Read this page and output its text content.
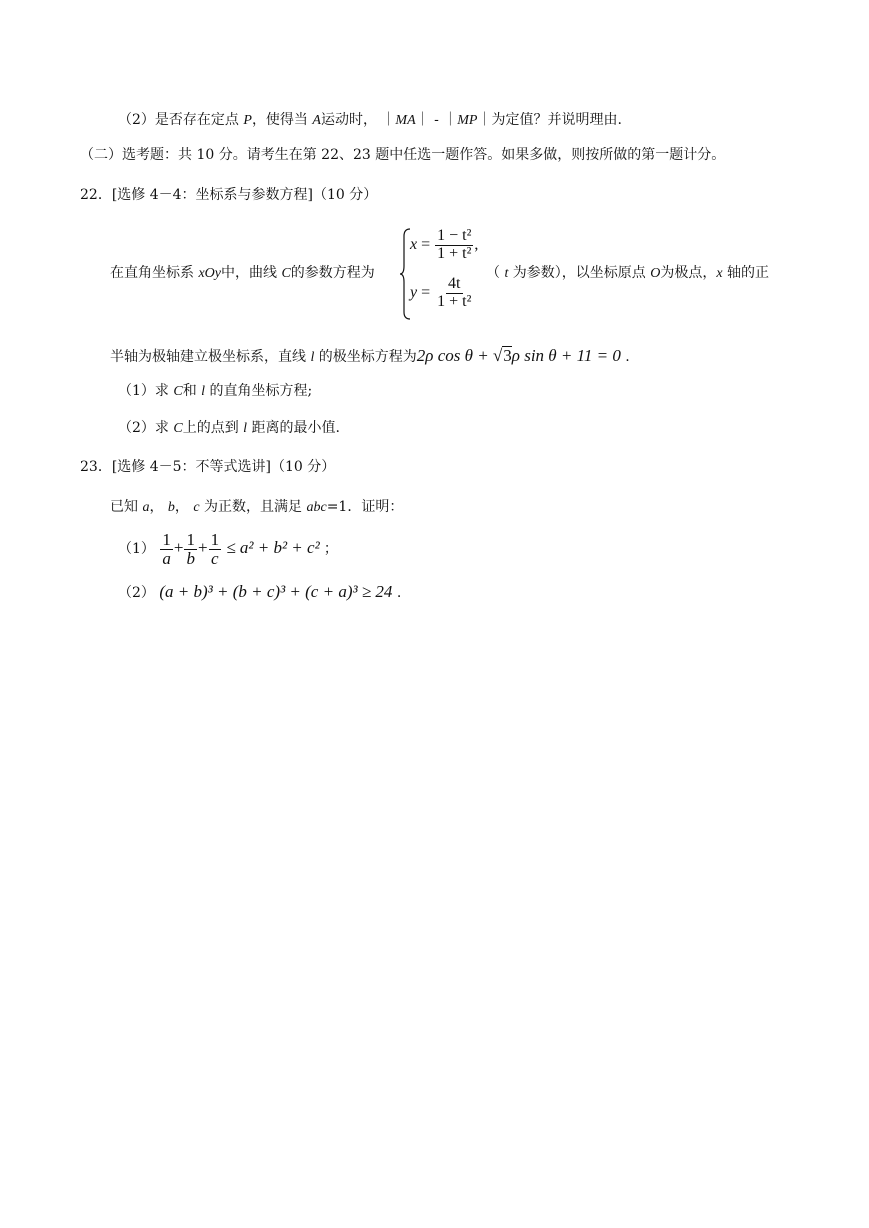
（2）是否存在定点 P，使得当 A运动时， ｜MA｜ - ｜MP｜为定值？并说明理由.
（二）选考题：共 10 分。请考生在第 22、23 题中任选一题作答。如果多做，则按所做的第一题计分。
22．[选修 4－4：坐标系与参数方程]（10 分）
在直角坐标系 xOy中，曲线 C的参数方程为
$x = \frac{\text{1 − t²}}{\text{1 + t²}}$ ,
$y = \frac{4t}{\text{1 + t²}}$
（ t 为参数），以坐标原点 O为极点，x 轴的正
半轴为极轴建立极坐标系，直线 l 的极坐标方程为2ρ cos θ + √3ρ sin θ + 11 = 0 .
（1）求 C和 l 的直角坐标方程;
（2）求 C上的点到 l 距离的最小值.
23．[选修 4－5：不等式选讲]（10 分）
已知 a， b， c 为正数，且满足 abc=1．证明：
$(1) \frac{1}{a} + \frac{1}{b} + \frac{1}{c} \le a^2 + b^2 + c^2$ ；
（2） (a + b)³ + (b + c)³ + (c + a)³ ≥ 24 .
